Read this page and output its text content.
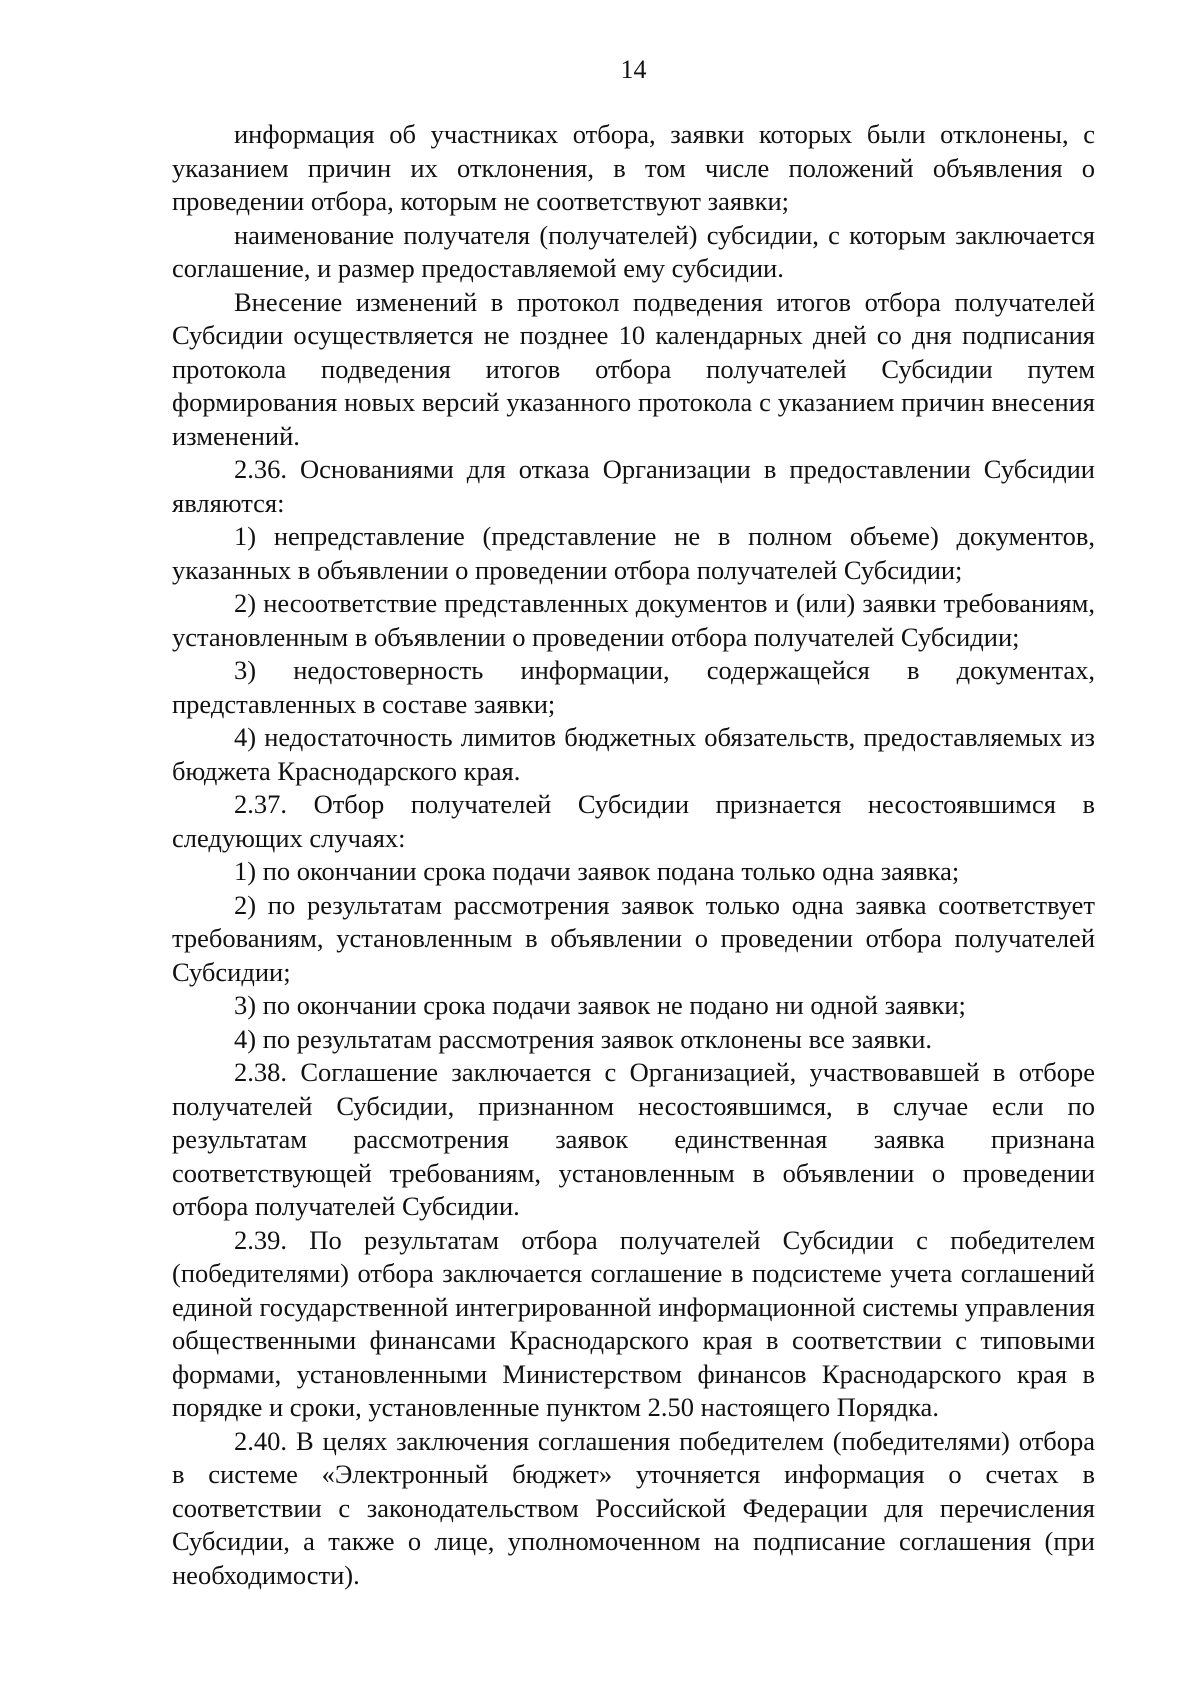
14

информация об участниках отбора, заявки которых были отклонены, с указанием причин их отклонения, в том числе положений объявления о проведении отбора, которым не соответствуют заявки;

наименование получателя (получателей) субсидии, с которым заключается соглашение, и размер предоставляемой ему субсидии.

Внесение изменений в протокол подведения итогов отбора получателей Субсидии осуществляется не позднее 10 календарных дней со дня подписания протокола подведения итогов отбора получателей Субсидии путем формирования новых версий указанного протокола с указанием причин внесения изменений.

2.36. Основаниями для отказа Организации в предоставлении Субсидии являются:

1) непредставление (представление не в полном объеме) документов, указанных в объявлении о проведении отбора получателей Субсидии;

2) несоответствие представленных документов и (или) заявки требованиям, установленным в объявлении о проведении отбора получателей Субсидии;

3) недостоверность информации, содержащейся в документах, представленных в составе заявки;

4) недостаточность лимитов бюджетных обязательств, предоставляемых из бюджета Краснодарского края.

2.37. Отбор получателей Субсидии признается несостоявшимся в следующих случаях:

1) по окончании срока подачи заявок подана только одна заявка;

2) по результатам рассмотрения заявок только одна заявка соответствует требованиям, установленным в объявлении о проведении отбора получателей Субсидии;

3) по окончании срока подачи заявок не подано ни одной заявки;

4) по результатам рассмотрения заявок отклонены все заявки.

2.38. Соглашение заключается с Организацией, участвовавшей в отборе получателей Субсидии, признанном несостоявшимся, в случае если по результатам рассмотрения заявок единственная заявка признана соответствующей требованиям, установленным в объявлении о проведении отбора получателей Субсидии.

2.39. По результатам отбора получателей Субсидии с победителем (победителями) отбора заключается соглашение в подсистеме учета соглашений единой государственной интегрированной информационной системы управления общественными финансами Краснодарского края в соответствии с типовыми формами, установленными Министерством финансов Краснодарского края в порядке и сроки, установленные пунктом 2.50 настоящего Порядка.

2.40. В целях заключения соглашения победителем (победителями) отбора в системе «Электронный бюджет» уточняется информация о счетах в соответствии с законодательством Российской Федерации для перечисления Субсидии, а также о лице, уполномоченном на подписание соглашения (при необходимости).
